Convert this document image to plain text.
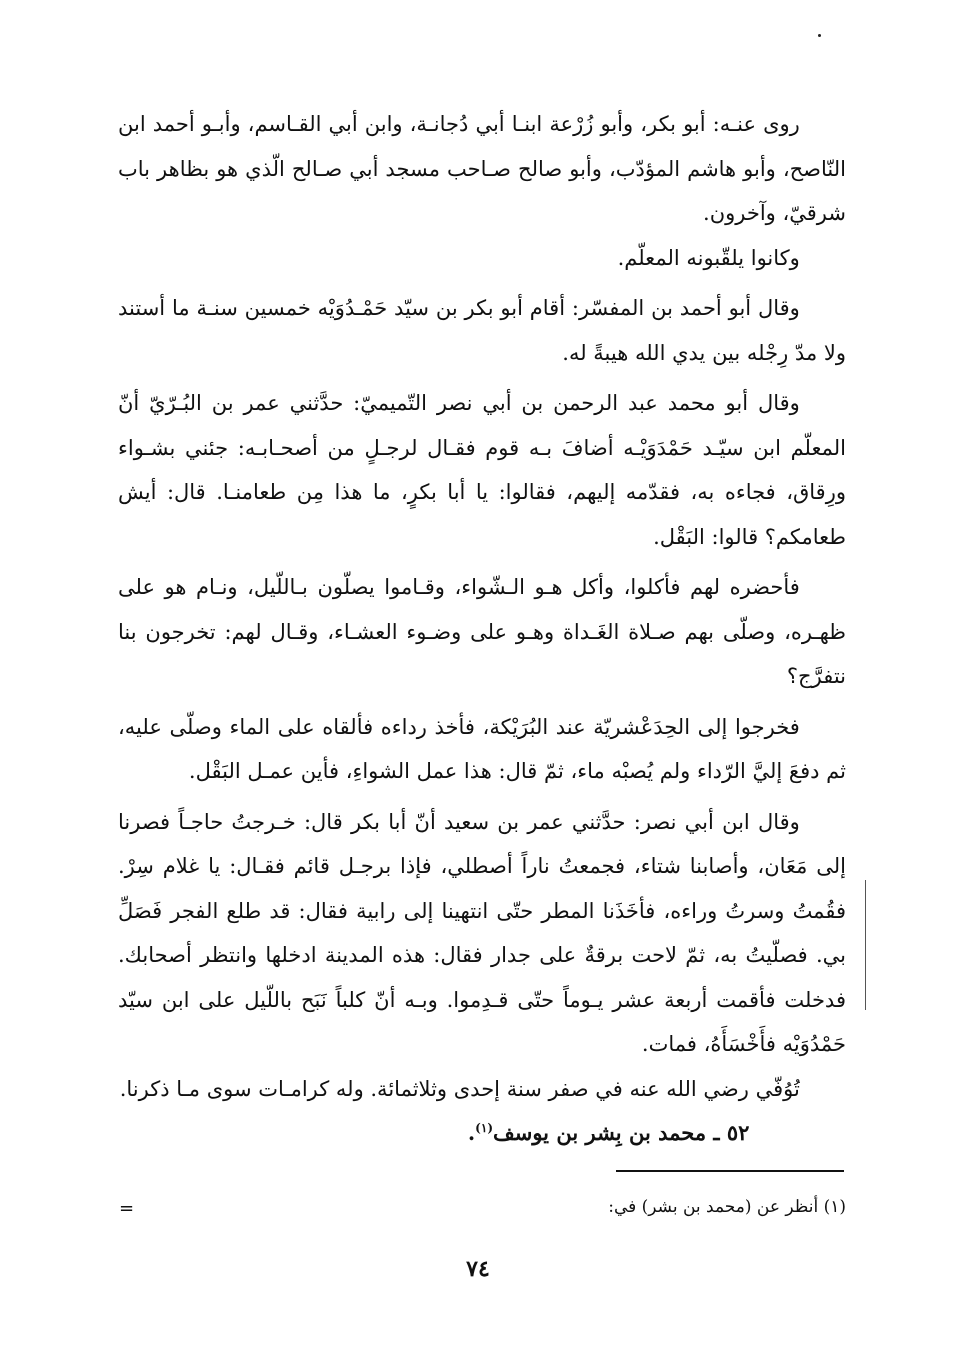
روى عنـه: أبو بكر، وأبو زُرْعة ابنـا أبي دُجانـة، وابن أبي القـاسم، وأبـو أحمد ابن النّاصح، وأبو هاشم المؤدّب، وأبو صالح صـاحب مسجد أبي صـالح الّذي هو بظاهر باب شرقيّ، وآخرون.

وكانوا يلقّبونه المعلّم.

وقال أبو أحمد بن المفسّر: أقام أبو بكر بن سيّد حَمْـدُوَيْه خمسين سنـة ما أستند ولا مدّ رِجْله بين يدي الله هيبةً له.

وقال أبو محمد عبد الرحمن بن أبي نصر التّميميّ: حدَّثني عمر بن البُـرّيّ أنّ المعلّم ابن سيّـد حَمْدَوَيْـه أضافَ بـه قوم فقـال لرجـلٍ من أصحـابـه: جئني بشـواء ورِقاق، فجاءه به، فقدّمه إليهم، فقالوا: يا أبا بكرٍ، ما هذا مِن طعامنـا. قال: أيش طعامكم؟ قالوا: البَقْل.

فأحضره لهم فأكلوا، وأكل هـو الـشّواء، وقـاموا يصلّون بـاللّيل، ونـام هو على ظهـره، وصلّى بهم صـلاة الغَـداة وهـو على وضـوء العشـاء، وقـال لهم: تخرجون بنا نتفرَّج؟

فخرجوا إلى الحِدَعْشريّة عند البُرَيْكة، فأخذ رداءه فألقاه على الماء وصلّى عليه، ثم دفعَ إليَّ الرّداء ولم يُصبْه ماء، ثمّ قال: هذا عمل الشواءِ، فأين عمـل البَقْل.

وقال ابن أبي نصر: حدَّثني عمر بن سعيد أنّ أبا بكر قال: خـرجتُ حاجـاً فصرنا إلى مَعَان، وأصابنا شتاء، فجمعتُ ناراً أصطلي، فإذا برجـل قائم فقـال: يا غلام سِرْ. فقُمتُ وسرتُ وراءه، فأخَذَنا المطر حتّى انتهينا إلى رابية فقال: قد طلع الفجر فَصَلِّ بي. فصلّيتُ به، ثمّ لاحت برقةٌ على جدار فقال: هذه المدينة ادخلها وانتظر أصحابك. فدخلت فأقمت أربعة عشر يـوماً حتّى قـدِموا. وبـه أنّ كلباً نَبَح باللّيل على ابن سيّد حَمْدُوَيْه فأَخْسَأَهُ، فمات.

تُوُفّي رضي الله عنه في صفر سنة إحدى وثلاثمائة. وله كرامـات سوى مـا ذكرنا.

٥٢ ـ محمد بن بِشر بن يوسف$^{(١)}$.

(١) أنظر عن (محمد بن بشر) في:
=
٧٤
